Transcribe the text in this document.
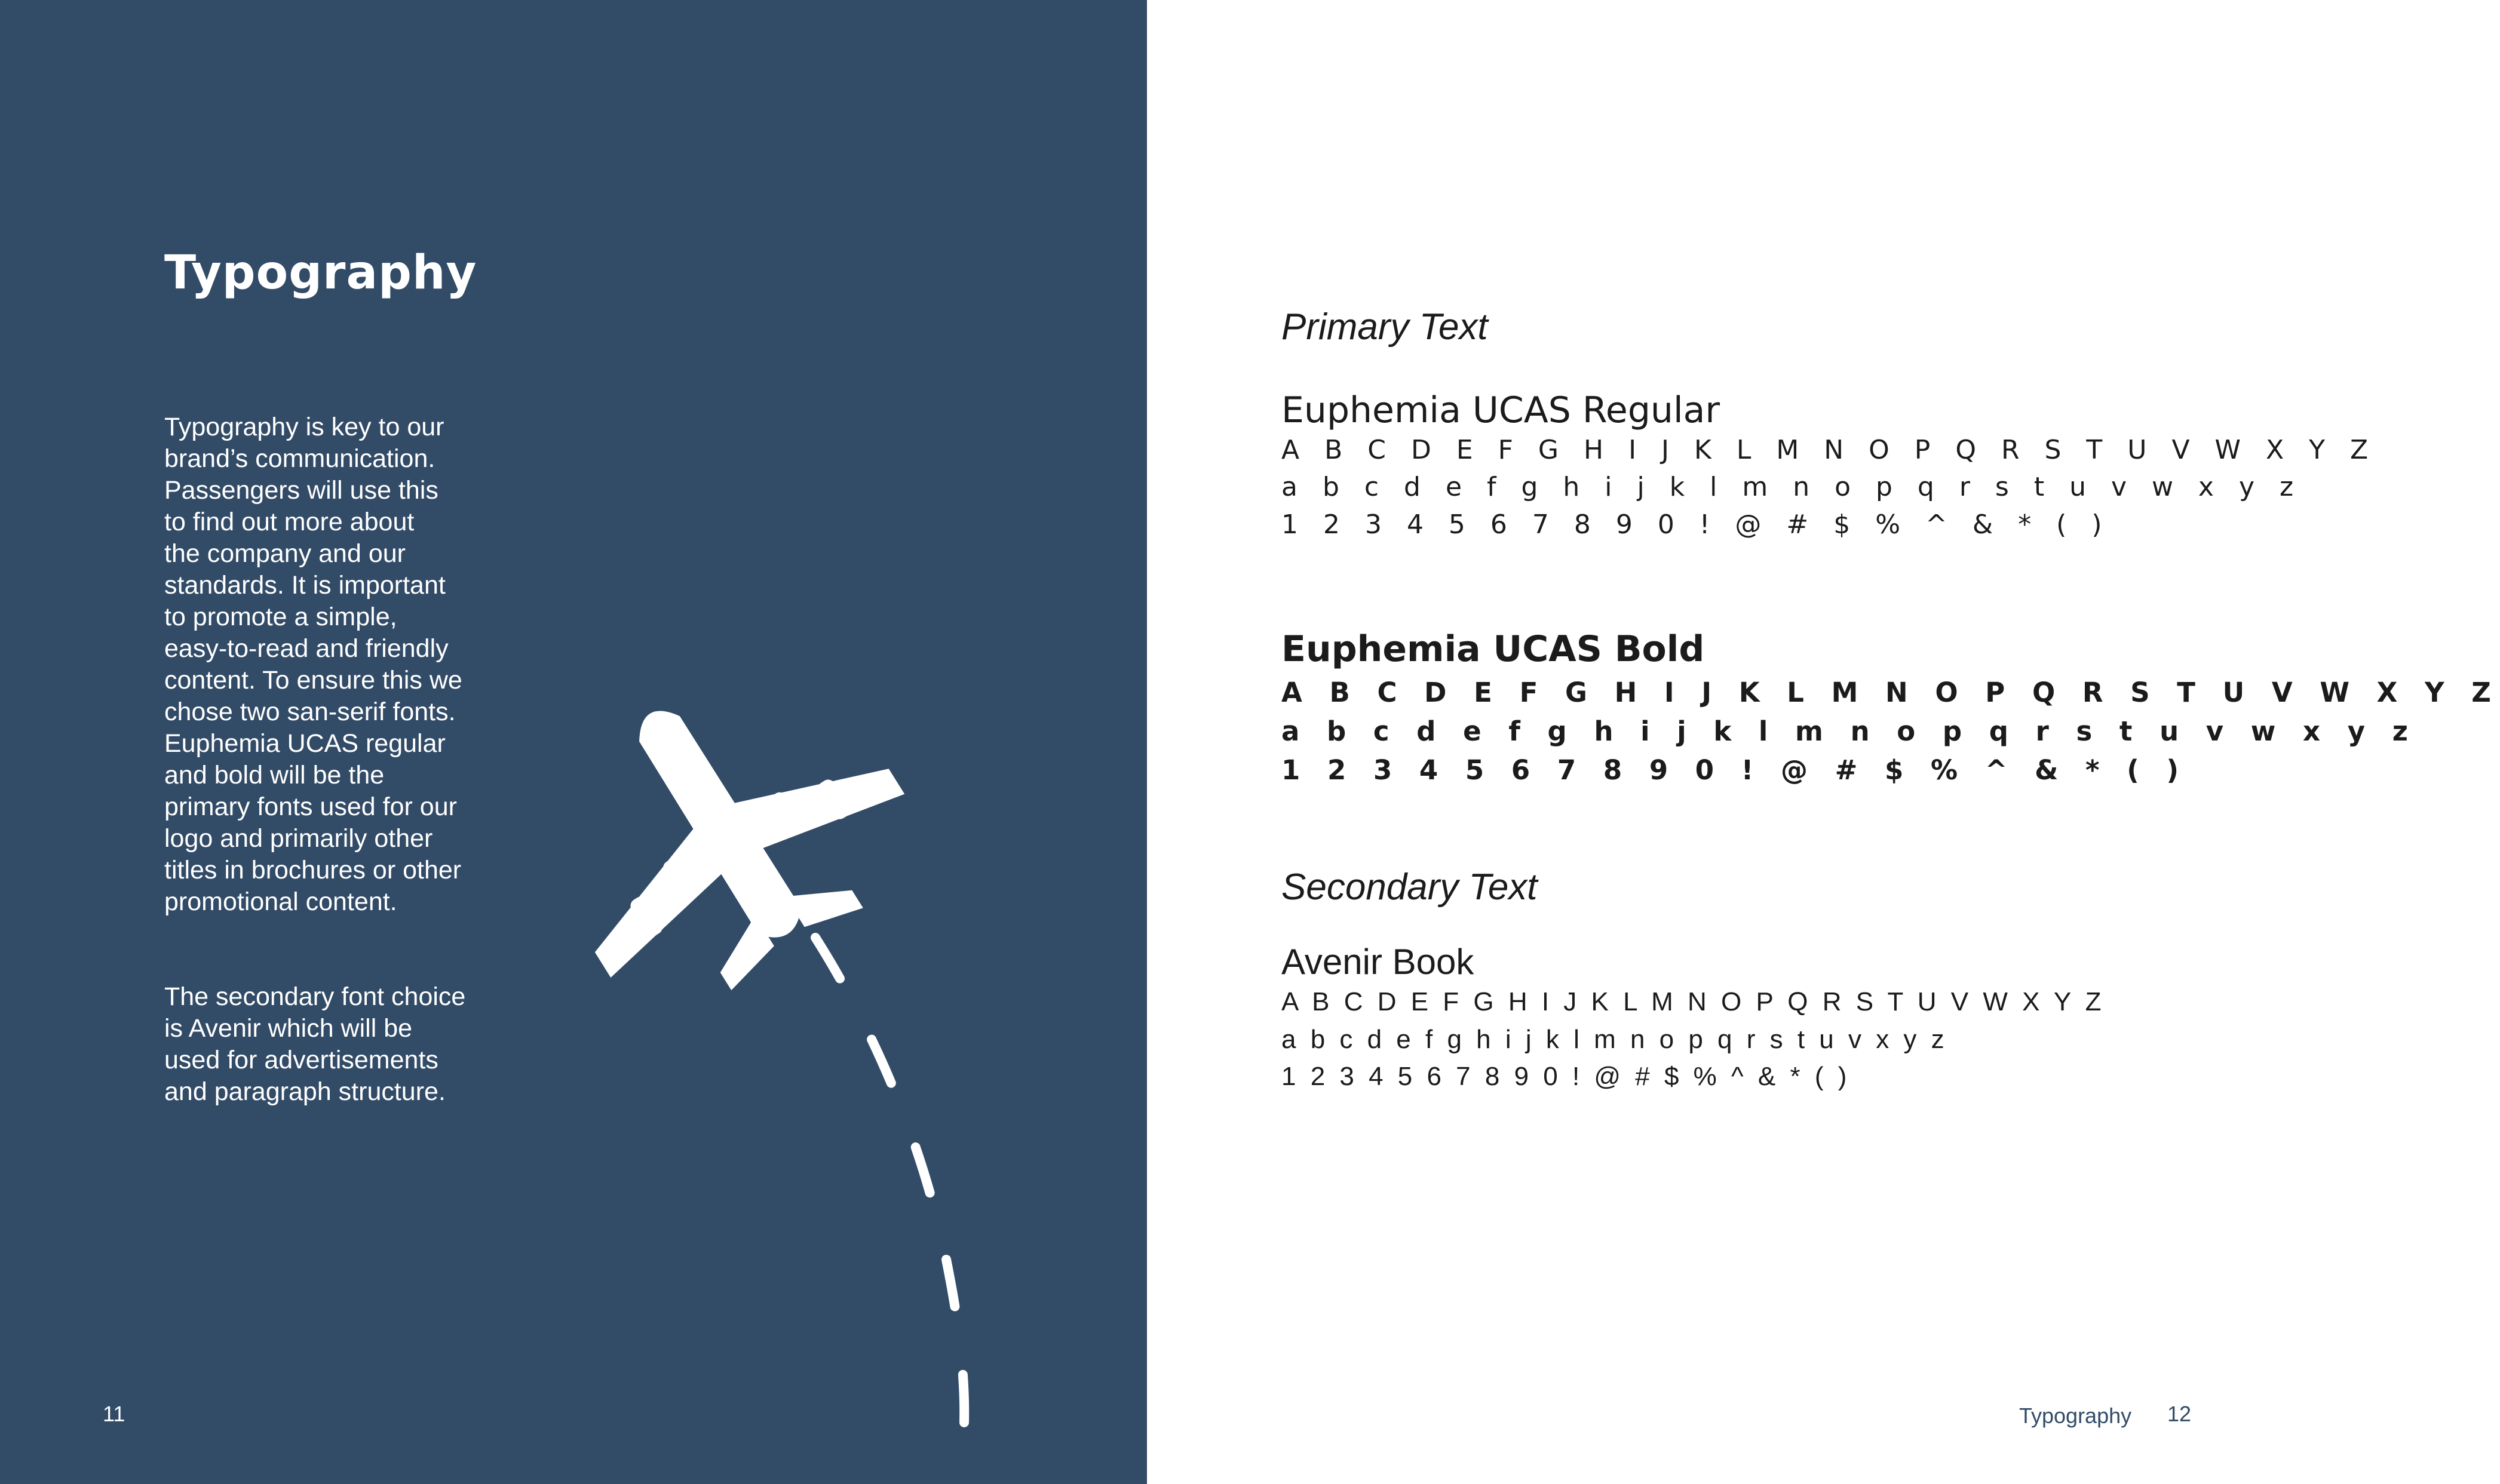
Typography

Typography is key to our
brand’s communication.
Passengers will use this
to find out more about
the company and our
standards. It is important
to promote a simple,
easy-to-read and friendly
content. To ensure this we
chose two san-serif fonts.
Euphemia UCAS regular
and bold will be the
primary fonts used for our
logo and primarily other
titles in brochures or other
promotional content.

The secondary font choice
is Avenir which will be
used for advertisements
and paragraph structure.

11
Primary Text
Euphemia UCAS Regular
A B C D E F G H I J K L M N O P Q R S T U V W X Y Z
a b c d e f g h i j k l m n o p q r s t u v w x y z
1 2 3 4 5 6 7 8 9 0 ! @ # $ % ^ & * ( )
Euphemia UCAS Bold
A B C D E F G H I J K L M N O P Q R S T U V W X Y Z
a b c d e f g h i j k l m n o p q r s t u v w x y z
1 2 3 4 5 6 7 8 9 0 ! @ # $ % ^ & * ( )
Secondary Text
Avenir Book
A B C D E F G H I J K L M N O P Q R S T U V W X Y Z
a b c d e f g h i j k l m n o p q r s t u v x y z
1 2 3 4 5 6 7 8 9 0 ! @ # $ % ^ & * ( )
Typography 12
